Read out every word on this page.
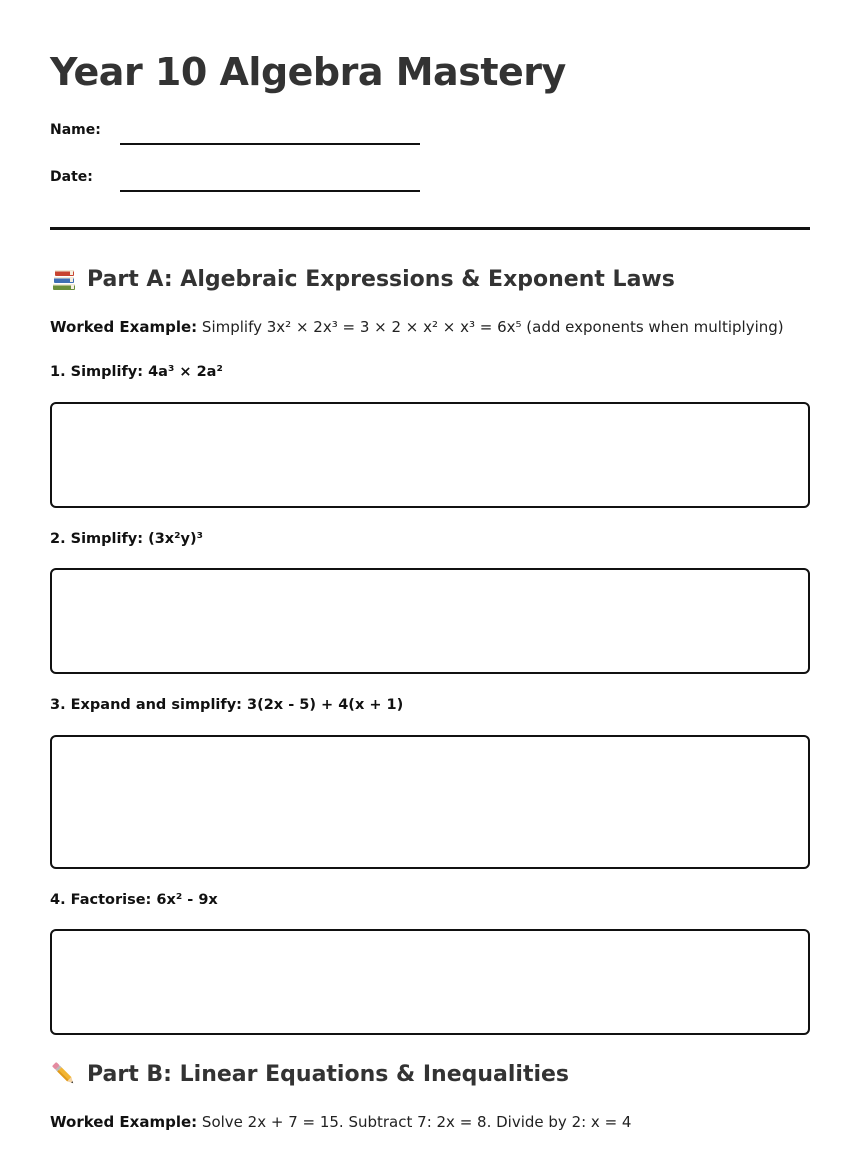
Year 10 Algebra Mastery
Name:
Date:
Part A: Algebraic Expressions & Exponent Laws
Worked Example: Simplify 3x² × 2x³ = 3 × 2 × x² × x³ = 6x⁵ (add exponents when multiplying)
1. Simplify: 4a³ × 2a²
2. Simplify: (3x²y)³
3. Expand and simplify: 3(2x - 5) + 4(x + 1)
4. Factorise: 6x² - 9x
Part B: Linear Equations & Inequalities
Worked Example: Solve 2x + 7 = 15. Subtract 7: 2x = 8. Divide by 2: x = 4
